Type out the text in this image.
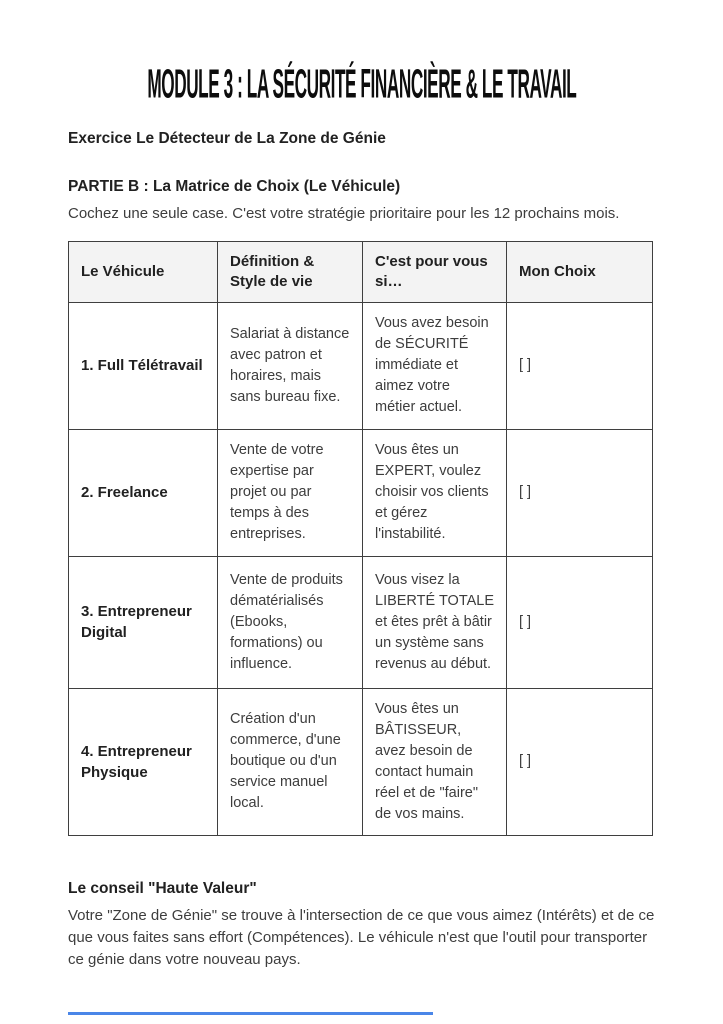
MODULE 3 : LA SÉCURITÉ FINANCIÈRE & LE TRAVAIL
Exercice Le Détecteur de La Zone de Génie
PARTIE B : La Matrice de Choix (Le Véhicule)
Cochez une seule case. C'est votre stratégie prioritaire pour les 12 prochains mois.
Le Véhicule	Définition & Style de vie	C'est pour vous si…	Mon Choix
1. Full Télétravail	Salariat à distance avec patron et horaires, mais sans bureau fixe.	Vous avez besoin de SÉCURITÉ immédiate et aimez votre métier actuel.	[ ]
2. Freelance	Vente de votre expertise par projet ou par temps à des entreprises.	Vous êtes un EXPERT, voulez choisir vos clients et gérez l'instabilité.	[ ]
3. Entrepreneur Digital	Vente de produits dématérialisés (Ebooks, formations) ou influence.	Vous visez la LIBERTÉ TOTALE et êtes prêt à bâtir un système sans revenus au début.	[ ]
4. Entrepreneur Physique	Création d'un commerce, d'une boutique ou d'un service manuel local.	Vous êtes un BÂTISSEUR, avez besoin de contact humain réel et de "faire" de vos mains.	[ ]
Le conseil "Haute Valeur"
Votre "Zone de Génie" se trouve à l'intersection de ce que vous aimez (Intérêts) et de ce que vous faites sans effort (Compétences). Le véhicule n'est que l'outil pour transporter ce génie dans votre nouveau pays.
